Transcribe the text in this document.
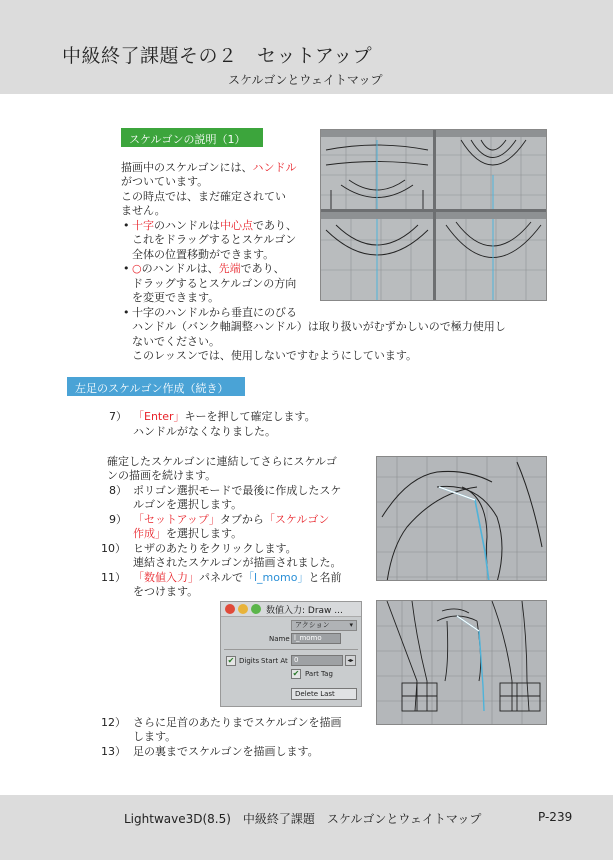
中級終了課題その２　セットアップ
スケルゴンとウェイトマップ
スケルゴンの説明（1）
描画中のスケルゴンには、ハンドル
がついています。
この時点では、まだ確定されてい
ません。
• 十字のハンドルは中心点であり、
これをドラッグするとスケルゴン
全体の位置移動ができます。
• ○のハンドルは、先端であり、
ドラッグするとスケルゴンの方向
を変更できます。
• 十字のハンドルから垂直にのびる
ハンドル（バンク軸調整ハンドル）は取り扱いがむずかしいので極力使用し
ないでください。
このレッスンでは、使用しないですむようにしています。
左足のスケルゴン作成（続き）
7） 「Enter」キーを押して確定します。
ハンドルがなくなりました。
確定したスケルゴンに連結してさらにスケルゴ
ンの描画を続けます。
8） ポリゴン選択モードで最後に作成したスケ
ルゴンを選択します。
9） 「セットアップ」タブから「スケルゴン
作成」を選択します。
10） ヒザのあたりをクリックします。
連結されたスケルゴンが描画されました。
11） 「数値入力」パネルで「l_momo」と名前
をつけます。
12） さらに足首のあたりまでスケルゴンを描画
します。
13） 足の裏までスケルゴンを描画します。
数値入力: Draw ...
アクション	▾
Name l_momo
✔ Digits Start At 0	◂▸
✔ Part Tag
Delete Last
Lightwave3D(8.5)　中級終了課題　スケルゴンとウェイトマップ	P-239
